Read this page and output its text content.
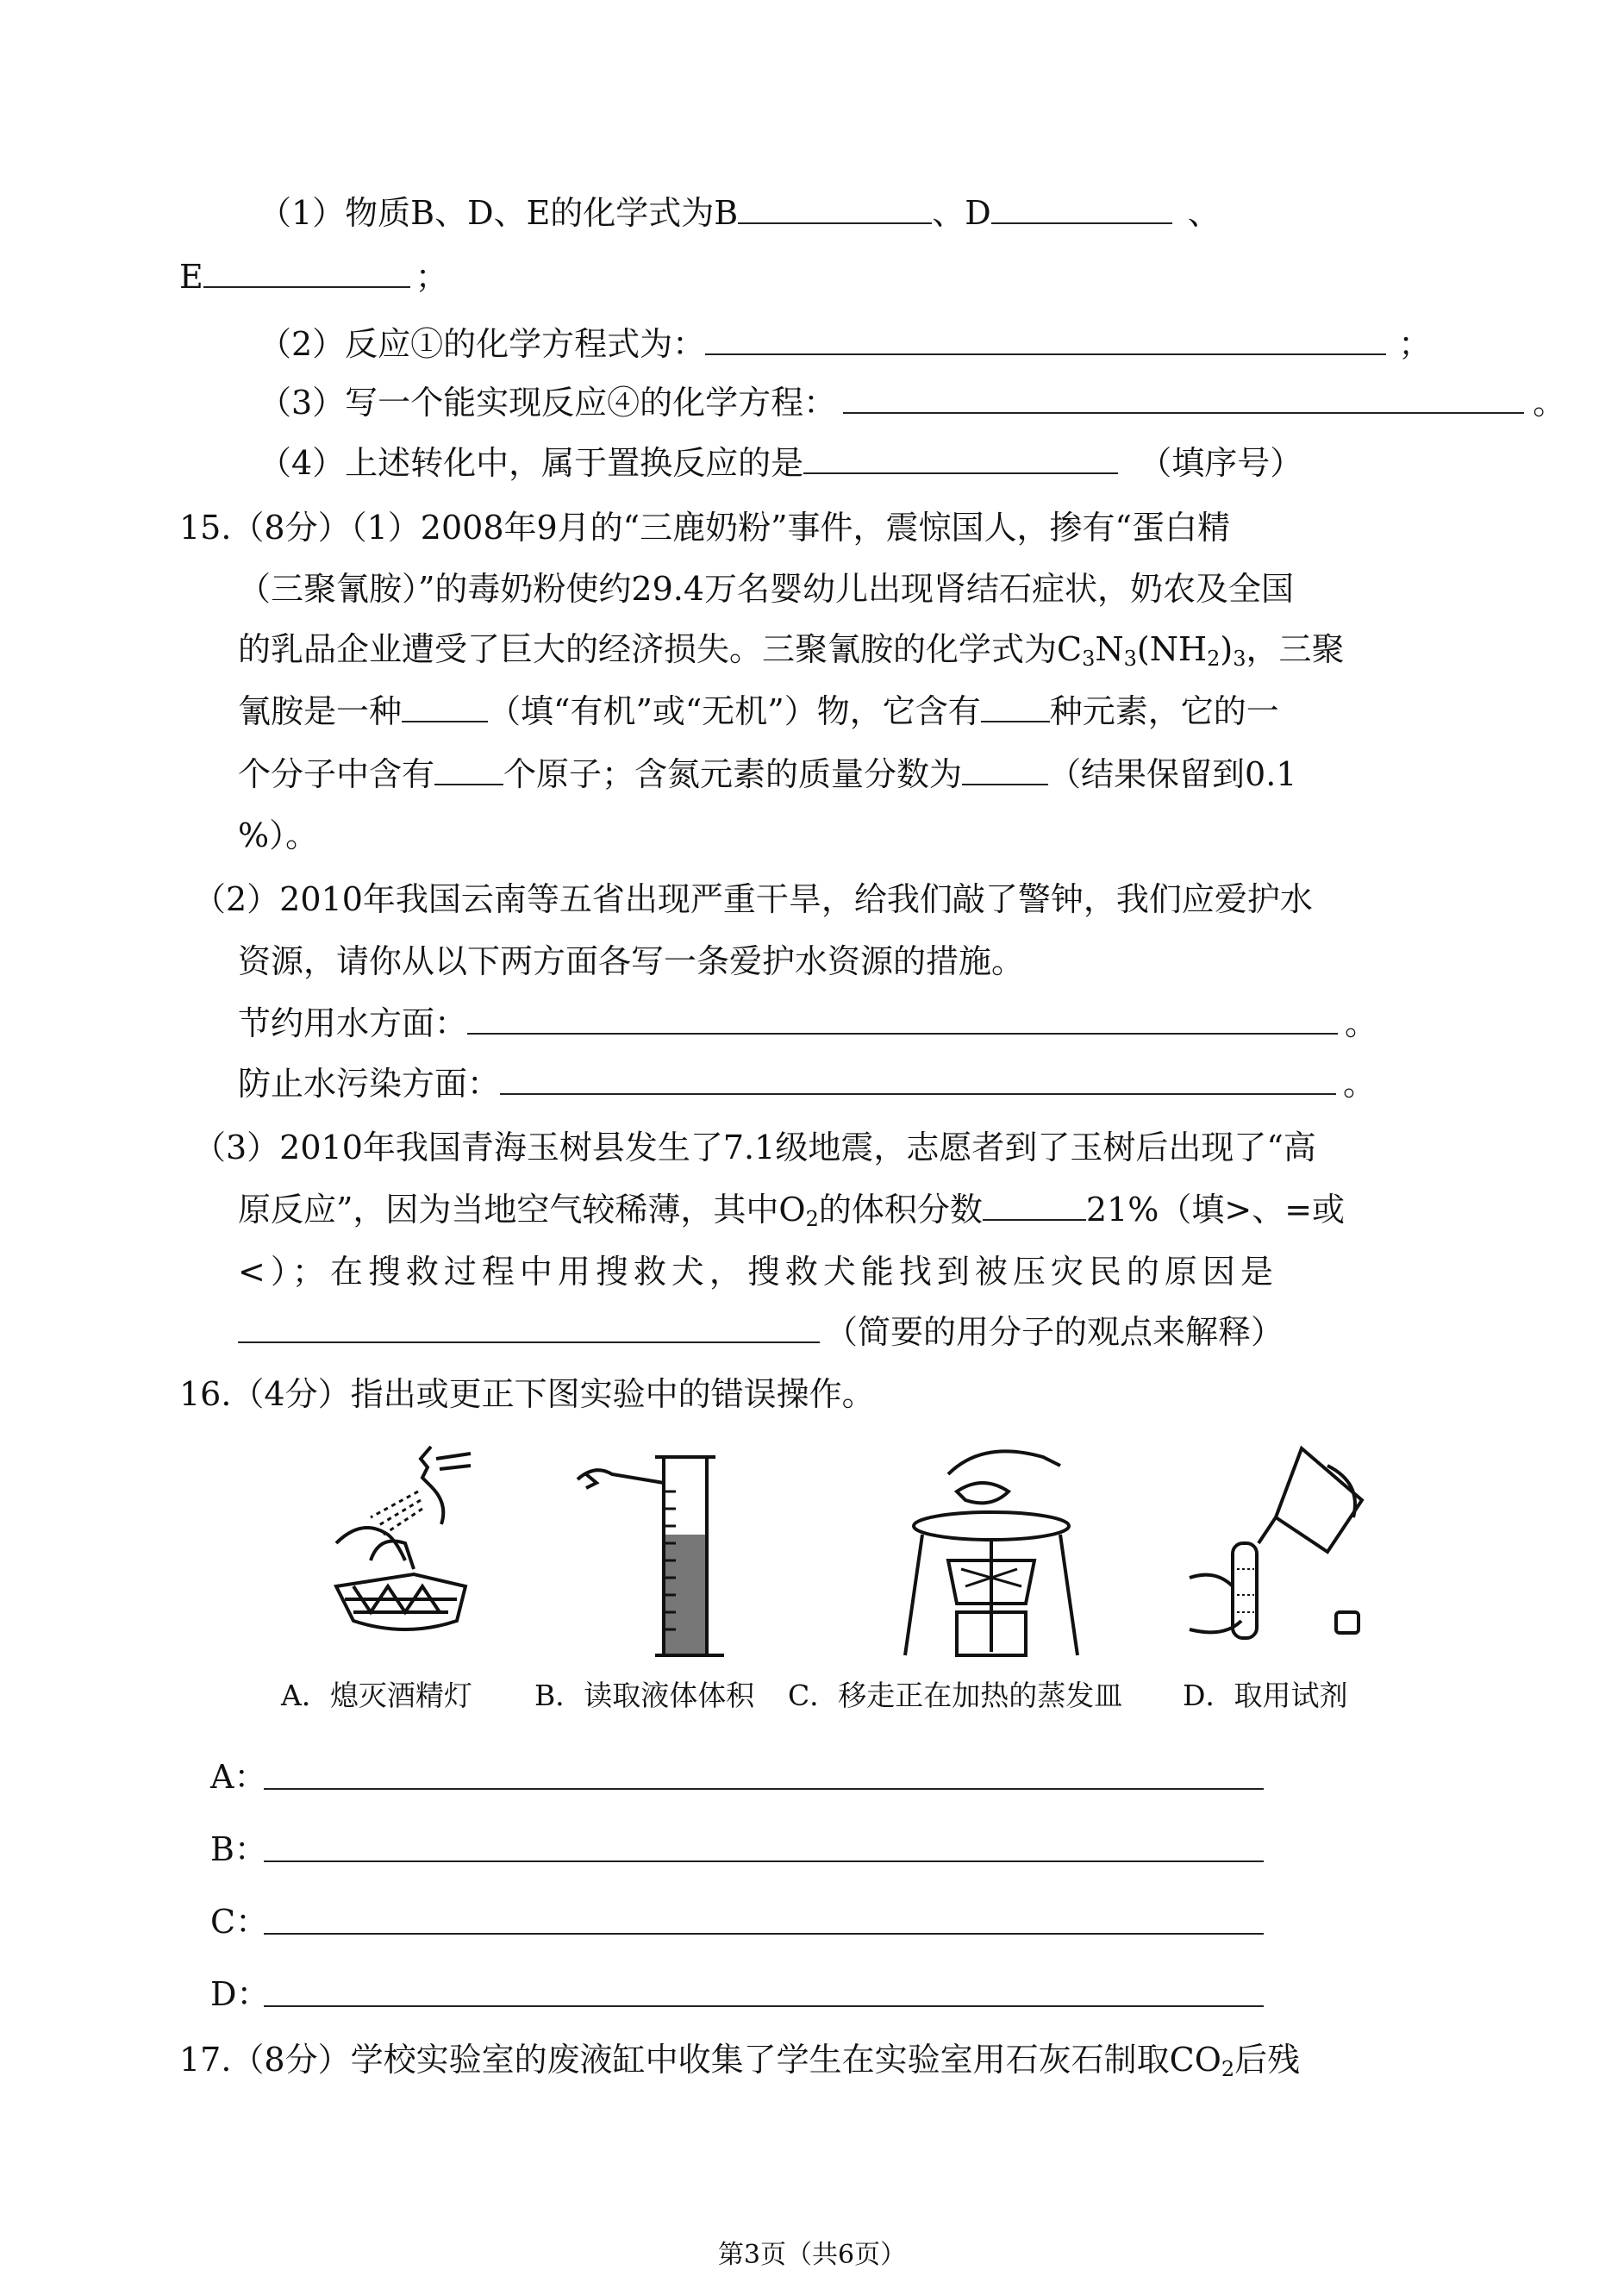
（1）物质B、D、E的化学式为B	、D	、
E	；
（2）反应①的化学方程式为：	；
（3）写一个能实现反应④的化学方程：	。
（4）上述转化中，属于置换反应的是	（填序号）
15.（8分）（1）2008年9月的“三鹿奶粉”事件，震惊国人，掺有“蛋白精
（三聚氰胺）”的毒奶粉使约29.4万名婴幼儿出现肾结石症状，奶农及全国
的乳品企业遭受了巨大的经济损失。三聚氰胺的化学式为$C_3N_3(NH_2)_3$，三聚
氰胺是一种	（填“有机”或“无机”）物，它含有 种元素，它的一
个分子中含有 个原子；含氮元素的质量分数为	（结果保留到0.1
%）。
（2）2010年我国云南等五省出现严重干旱，给我们敲了警钟，我们应爱护水
资源，请你从以下两方面各写一条爱护水资源的措施。
节约用水方面：	。
防止水污染方面：	。
（3）2010年我国青海玉树县发生了7.1级地震，志愿者到了玉树后出现了“高
原反应”，因为当地空气较稀薄，其中$O_2$的体积分数	21%（填>、=或
<）；在搜救过程中用搜救犬，搜救犬能找到被压灾民的原因是
（简要的用分子的观点来解释）
16.（4分）指出或更正下图实验中的错误操作。
A．熄灭酒精灯 B．读取液体体积 C．移走正在加热的蒸发皿 D．取用试剂
A：
B：
C：
D：
17.（8分）学校实验室的废液缸中收集了学生在实验室用石灰石制取$CO_2$后残
第3页（共6页）
